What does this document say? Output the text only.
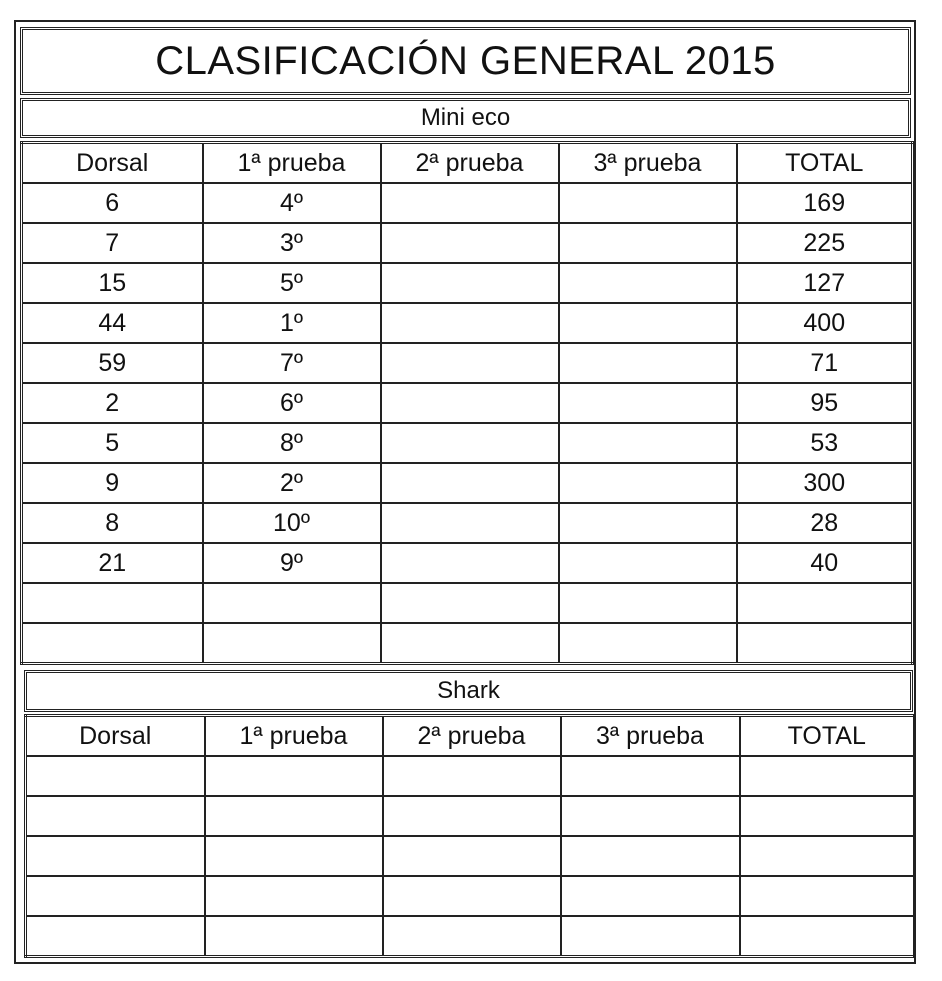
CLASIFICACIÓN GENERAL 2015
Mini eco
Dorsal	1ª prueba	2ª prueba	3ª prueba	TOTAL
6	4º			169
7	3º			225
15	5º			127
44	1º			400
59	7º			71
2	6º			95
5	8º			53
9	2º			300
8	10º			28
21	9º			40

Shark
Dorsal	1ª prueba	2ª prueba	3ª prueba	TOTAL
